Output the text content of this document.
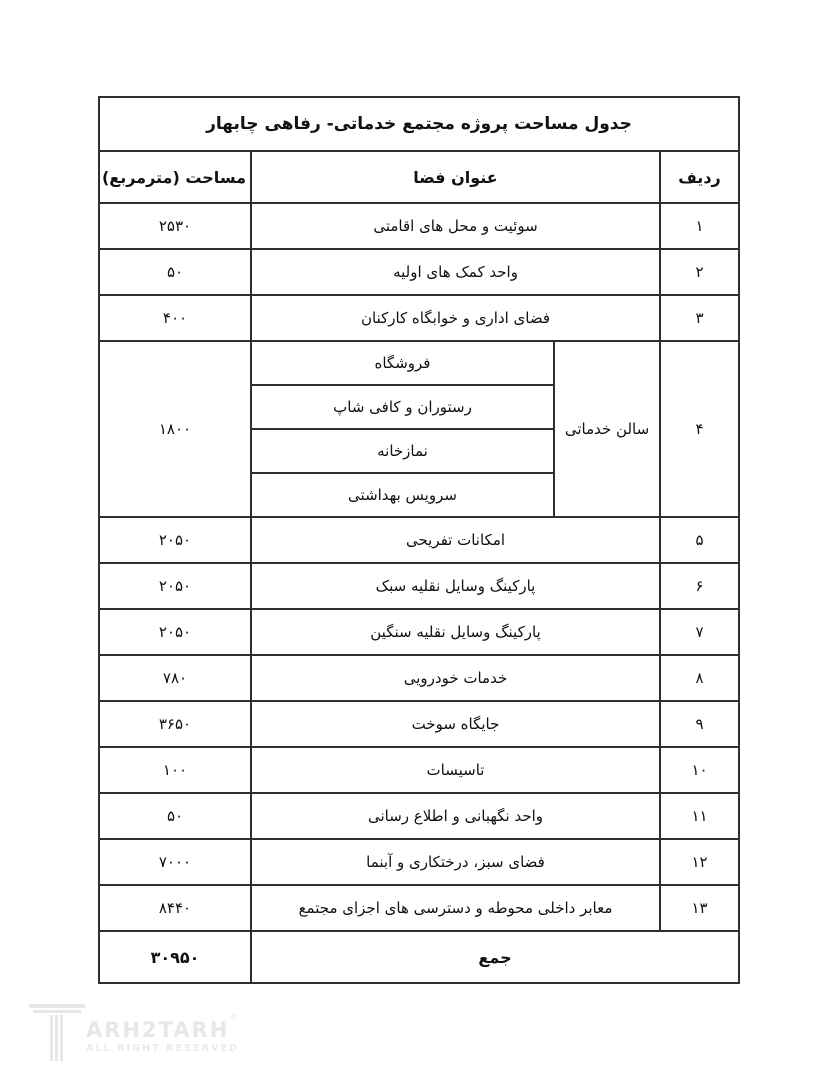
جدول مساحت پروژه مجتمع خدماتی- رفاهی چابهار			
ردیف	عنوان فضا		مساحت (مترمربع)
۱	سوئیت و محل های اقامتی		۲۵۳۰
۲	واحد کمک های اولیه		۵۰
۳	فضای اداری و خوابگاه کارکنان		۴۰۰
۴	سالن خدماتی	فروشگاه	۱۸۰۰
		رستوران و کافی شاپ	
		نمازخانه	
		سرویس بهداشتی	
۵	امکانات تفریحی		۲۰۵۰
۶	پارکینگ وسایل نقلیه سبک		۲۰۵۰
۷	پارکینگ وسایل نقلیه سنگین		۲۰۵۰
۸	خدمات خودرویی		۷۸۰
۹	جایگاه سوخت		۳۶۵۰
۱۰	تاسیسات		۱۰۰
۱۱	واحد نگهبانی و اطلاع رسانی		۵۰
۱۲	فضای سبز، درختکاری و آبنما		۷۰۰۰
۱۳	معابر داخلی محوطه و دسترسی های اجزای مجتمع		۸۴۴۰
جمع			۳۰۹۵۰
ARH2TARH®
ALL RIGHT RESERVED
